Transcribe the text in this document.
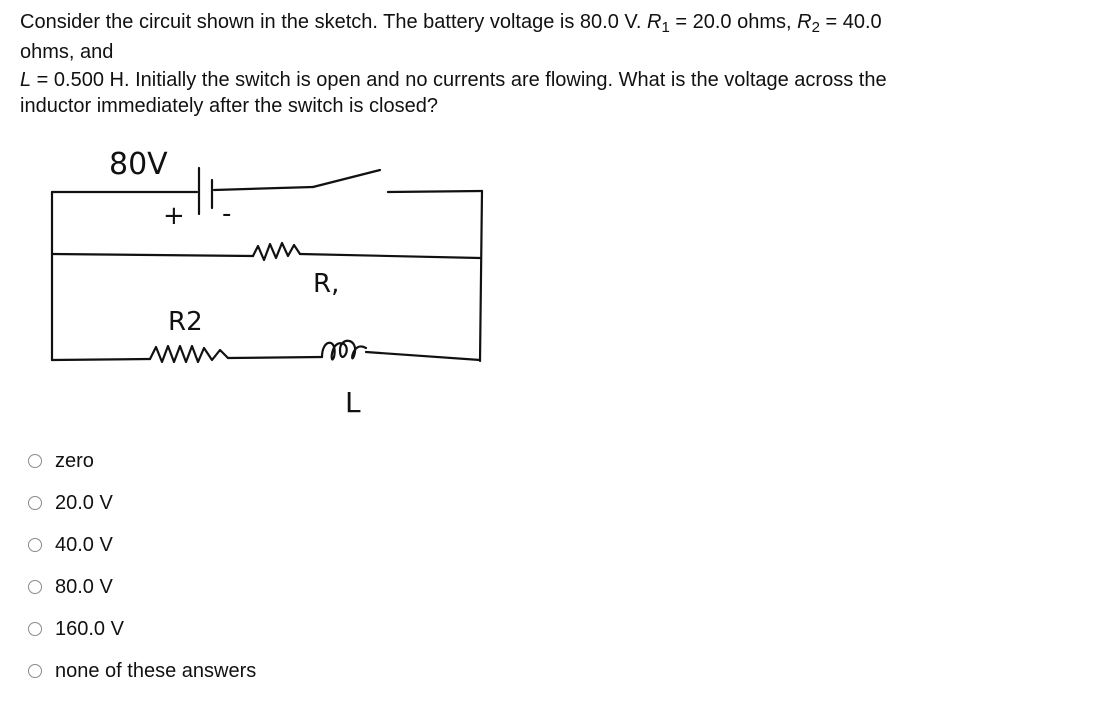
Consider the circuit shown in the sketch. The battery voltage is 80.0 V. $R_1 = 20.0$ ohms, $R_2 = 40.0$
ohms, and
L = 0.500 H. Initially the switch is open and no currents are flowing. What is the voltage across the
inductor immediately after the switch is closed?
80V
+ -
R,
R2
L
zero
20.0 V
40.0 V
80.0 V
160.0 V
none of these answers
